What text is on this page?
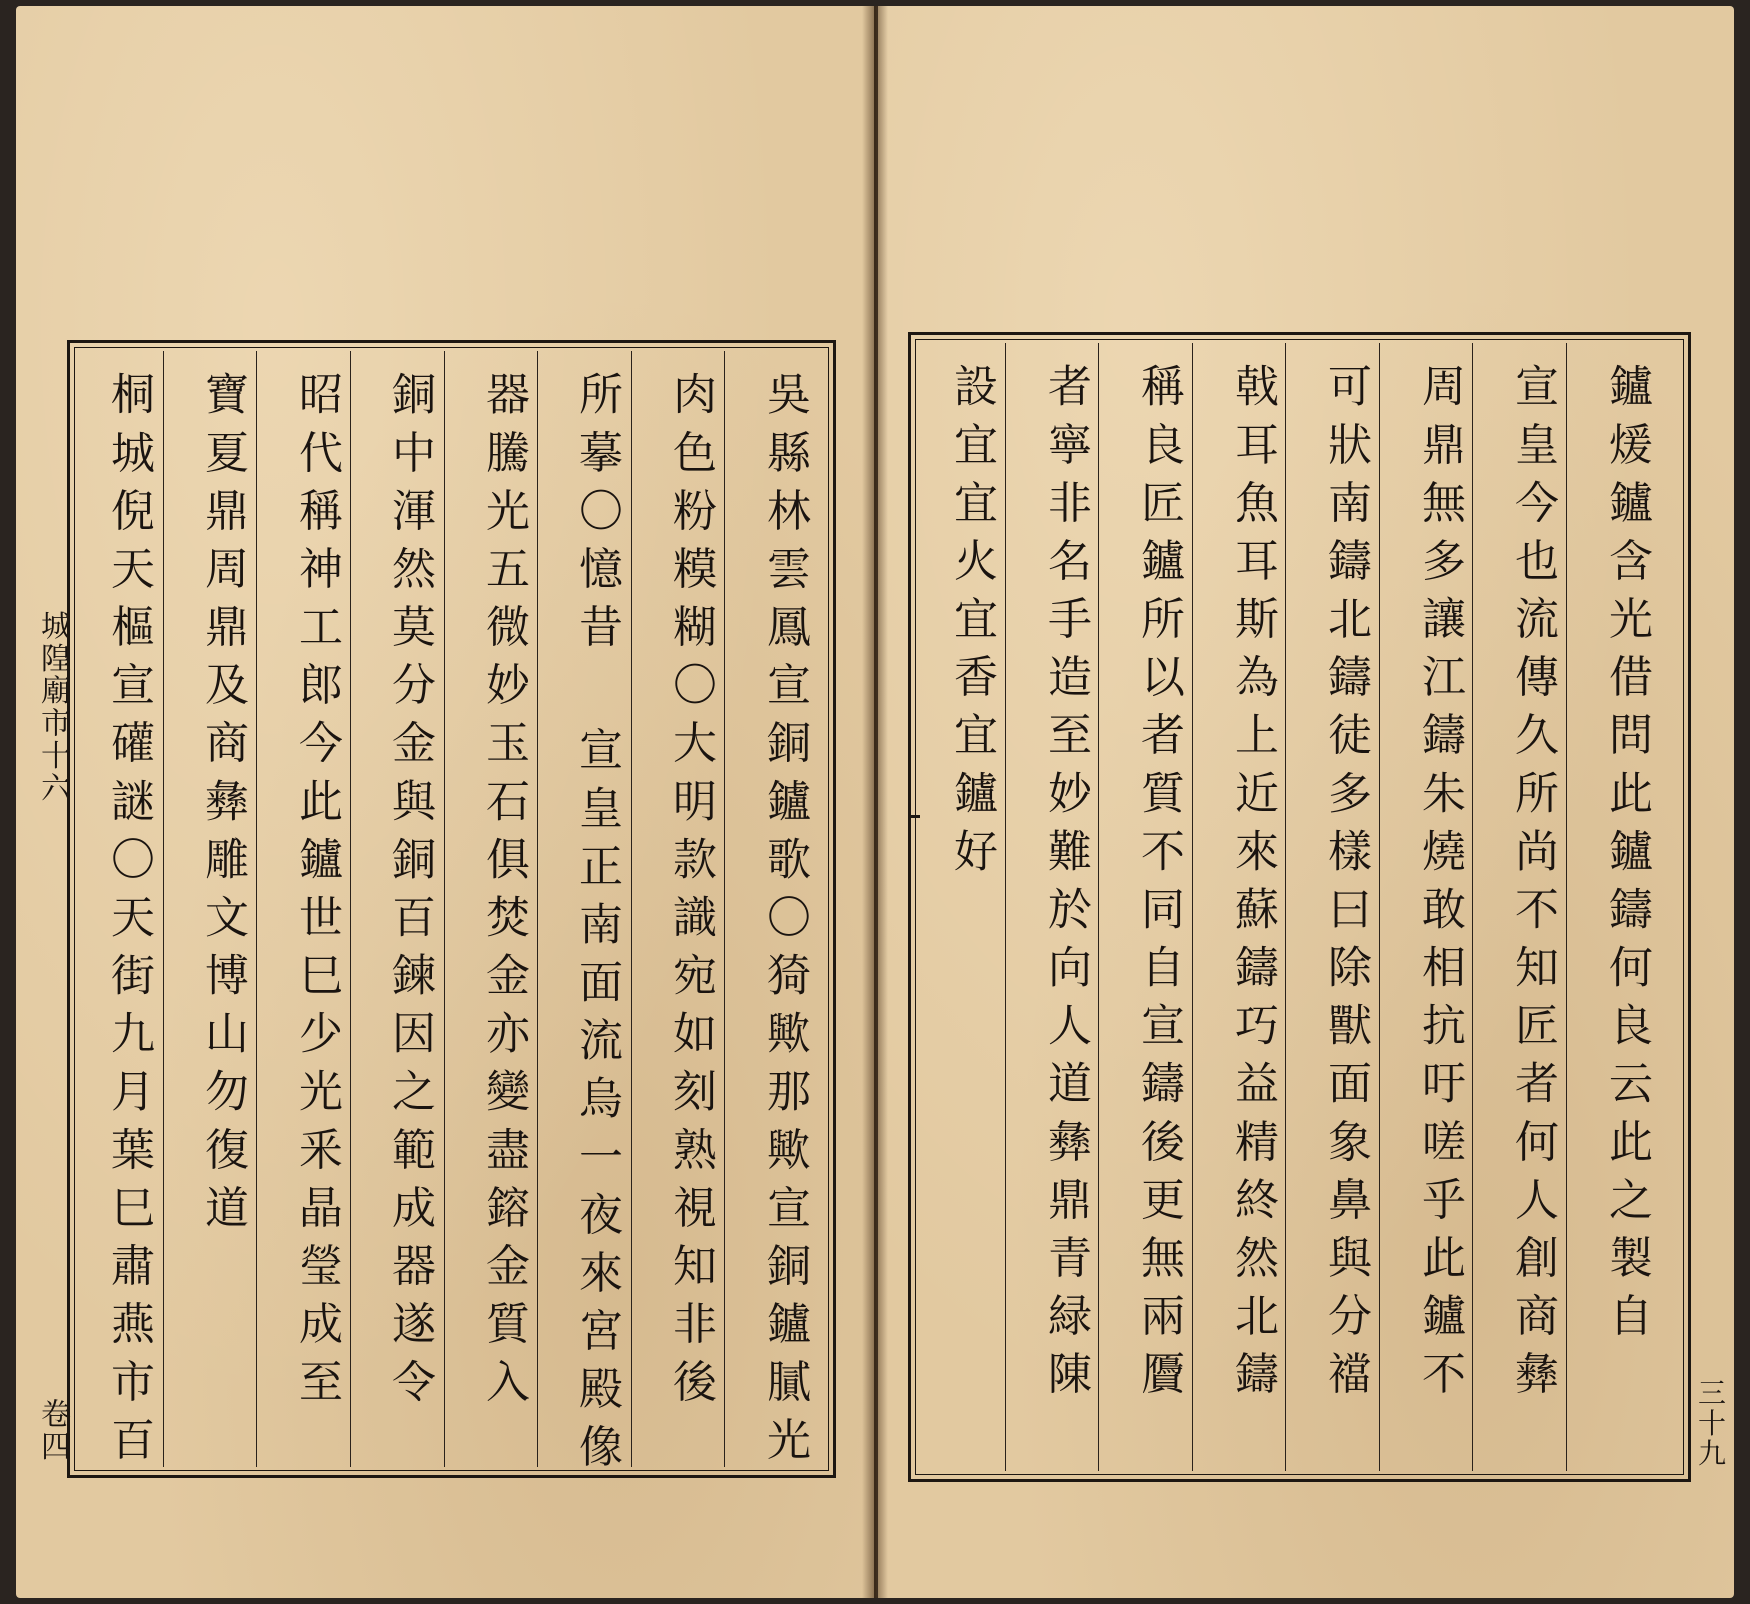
城隍廟市十六
卷四	吳縣林雲鳳宣銅鑪歌〇猗歟那歟宣銅鑪膩光
肉色粉糢糊〇大明款識宛如刻熟視知非後
所摹〇憶昔 宣皇正南面流烏一夜來宮殿像
器騰光五微妙玉石俱焚金亦變盡鎔金質入
銅中渾然莫分金與銅百鍊因之範成器遂令
昭代稱神工郎今此鑪世巳少光釆晶瑩成至
寶夏鼎周鼎及商彝雕文博山勿復道
桐城倪天樞宣礶謎〇天街九月葉巳肅燕市百	鑪煖鑪含光借問此鑪鑄何良云此之製自
宣皇今也流傳久所尚不知匠者何人創商彝
周鼎無多讓江鑄朱燒敢相抗吁嗟乎此鑪不
可狀南鑄北鑄徒多樣曰除獸面象鼻與分襠
戟耳魚耳斯為上近來蘇鑄巧益精終然北鑄
稱良匠鑪所以者質不同自宣鑄後更無兩贗
者寧非名手造至妙難於向人道彝鼎青緑陳
設宜宜火宜香宜鑪好
三十九
